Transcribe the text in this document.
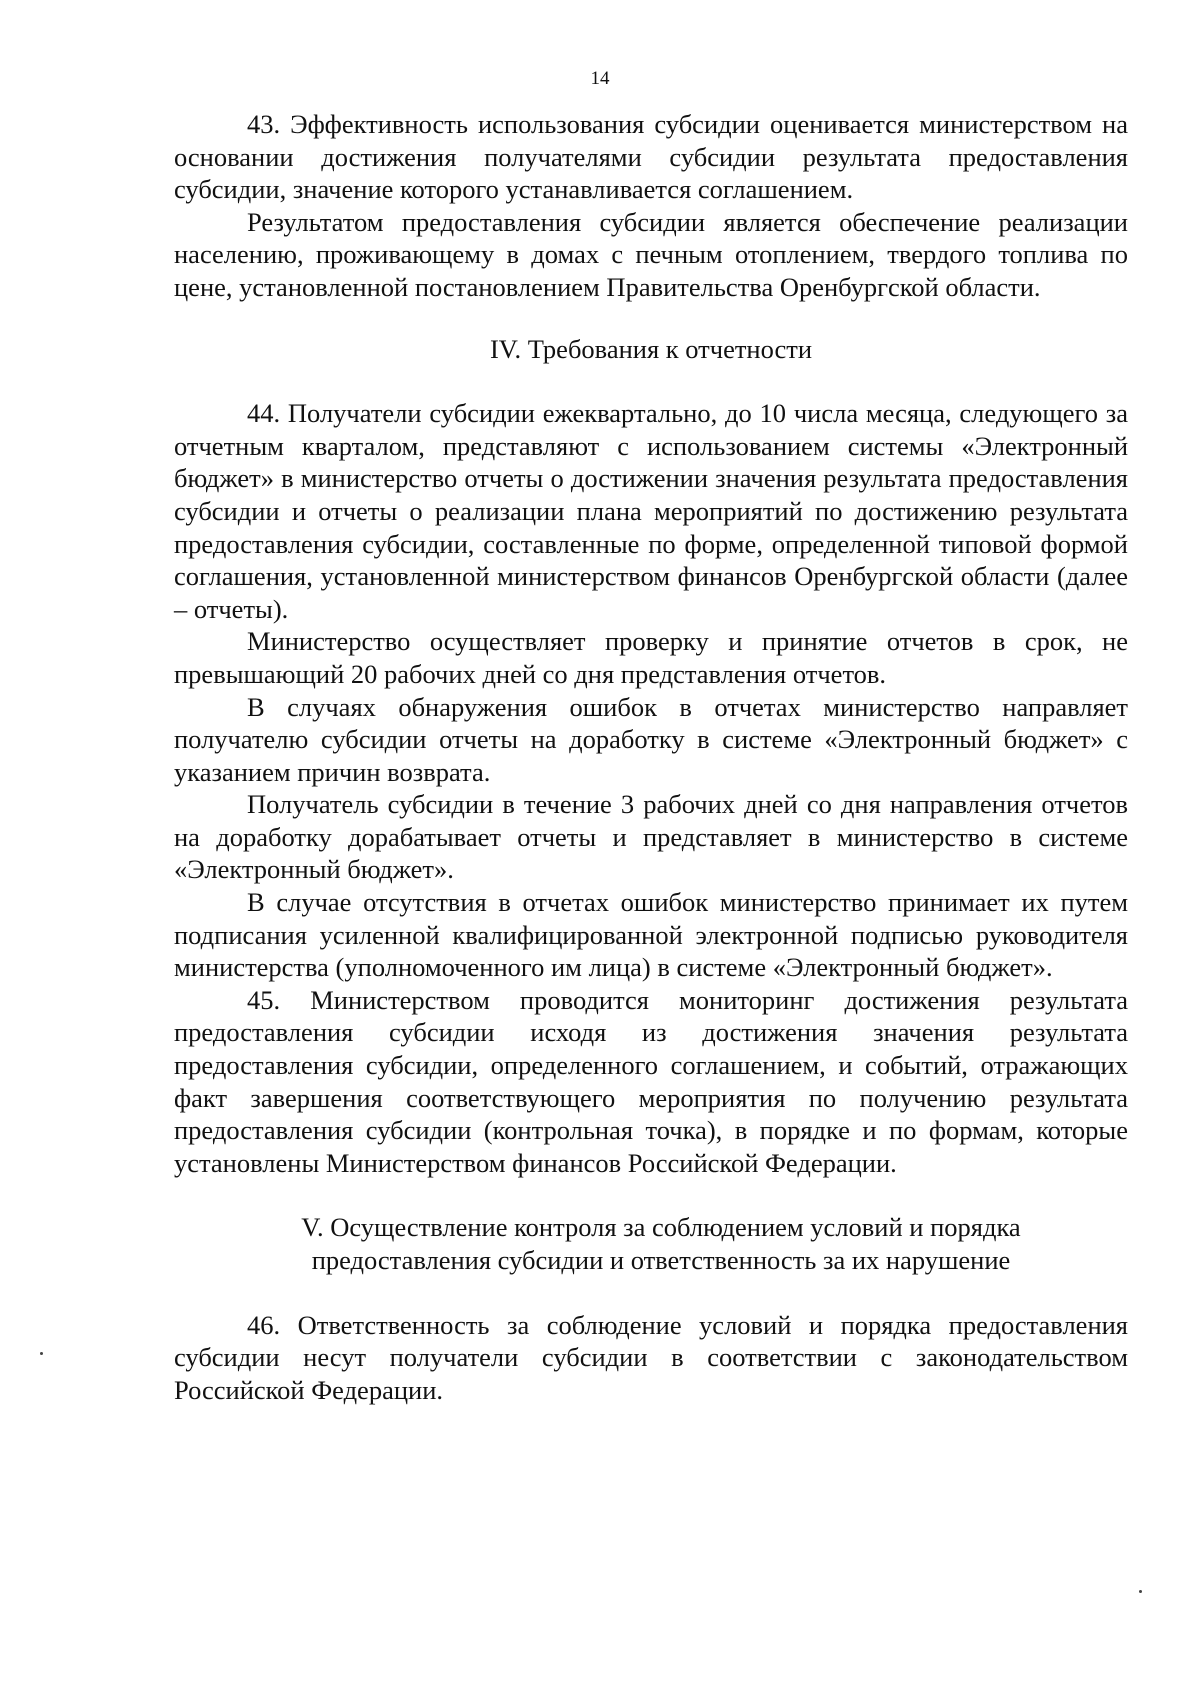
14

43. Эффективность использования субсидии оценивается министерством на основании достижения получателями субсидии результата предоставления субсидии, значение которого устанавливается соглашением.

Результатом предоставления субсидии является обеспечение реализации населению, проживающему в домах с печным отоплением, твердого топлива по цене, установленной постановлением Правительства Оренбургской области.

IV. Требования к отчетности

44. Получатели субсидии ежеквартально, до 10 числа месяца, следующего за отчетным кварталом, представляют с использованием системы «Электронный бюджет» в министерство отчеты о достижении значения результата предоставления субсидии и отчеты о реализации плана мероприятий по достижению результата предоставления субсидии, составленные по форме, определенной типовой формой соглашения, установленной министерством финансов Оренбургской области (далее – отчеты).

Министерство осуществляет проверку и принятие отчетов в срок, не превышающий 20 рабочих дней со дня представления отчетов.

В случаях обнаружения ошибок в отчетах министерство направляет получателю субсидии отчеты на доработку в системе «Электронный бюджет» с указанием причин возврата.

Получатель субсидии в течение 3 рабочих дней со дня направления отчетов на доработку дорабатывает отчеты и представляет в министерство в системе «Электронный бюджет».

В случае отсутствия в отчетах ошибок министерство принимает их путем подписания усиленной квалифицированной электронной подписью руководителя министерства (уполномоченного им лица) в системе «Электронный бюджет».

45. Министерством проводится мониторинг достижения результата предоставления субсидии исходя из достижения значения результата предоставления субсидии, определенного соглашением, и событий, отражающих факт завершения соответствующего мероприятия по получению результата предоставления субсидии (контрольная точка), в порядке и по формам, которые установлены Министерством финансов Российской Федерации.

V. Осуществление контроля за соблюдением условий и порядка
предоставления субсидии и ответственность за их нарушение

46. Ответственность за соблюдение условий и порядка предоставления субсидии несут получатели субсидии в соответствии с законодательством Российской Федерации.
